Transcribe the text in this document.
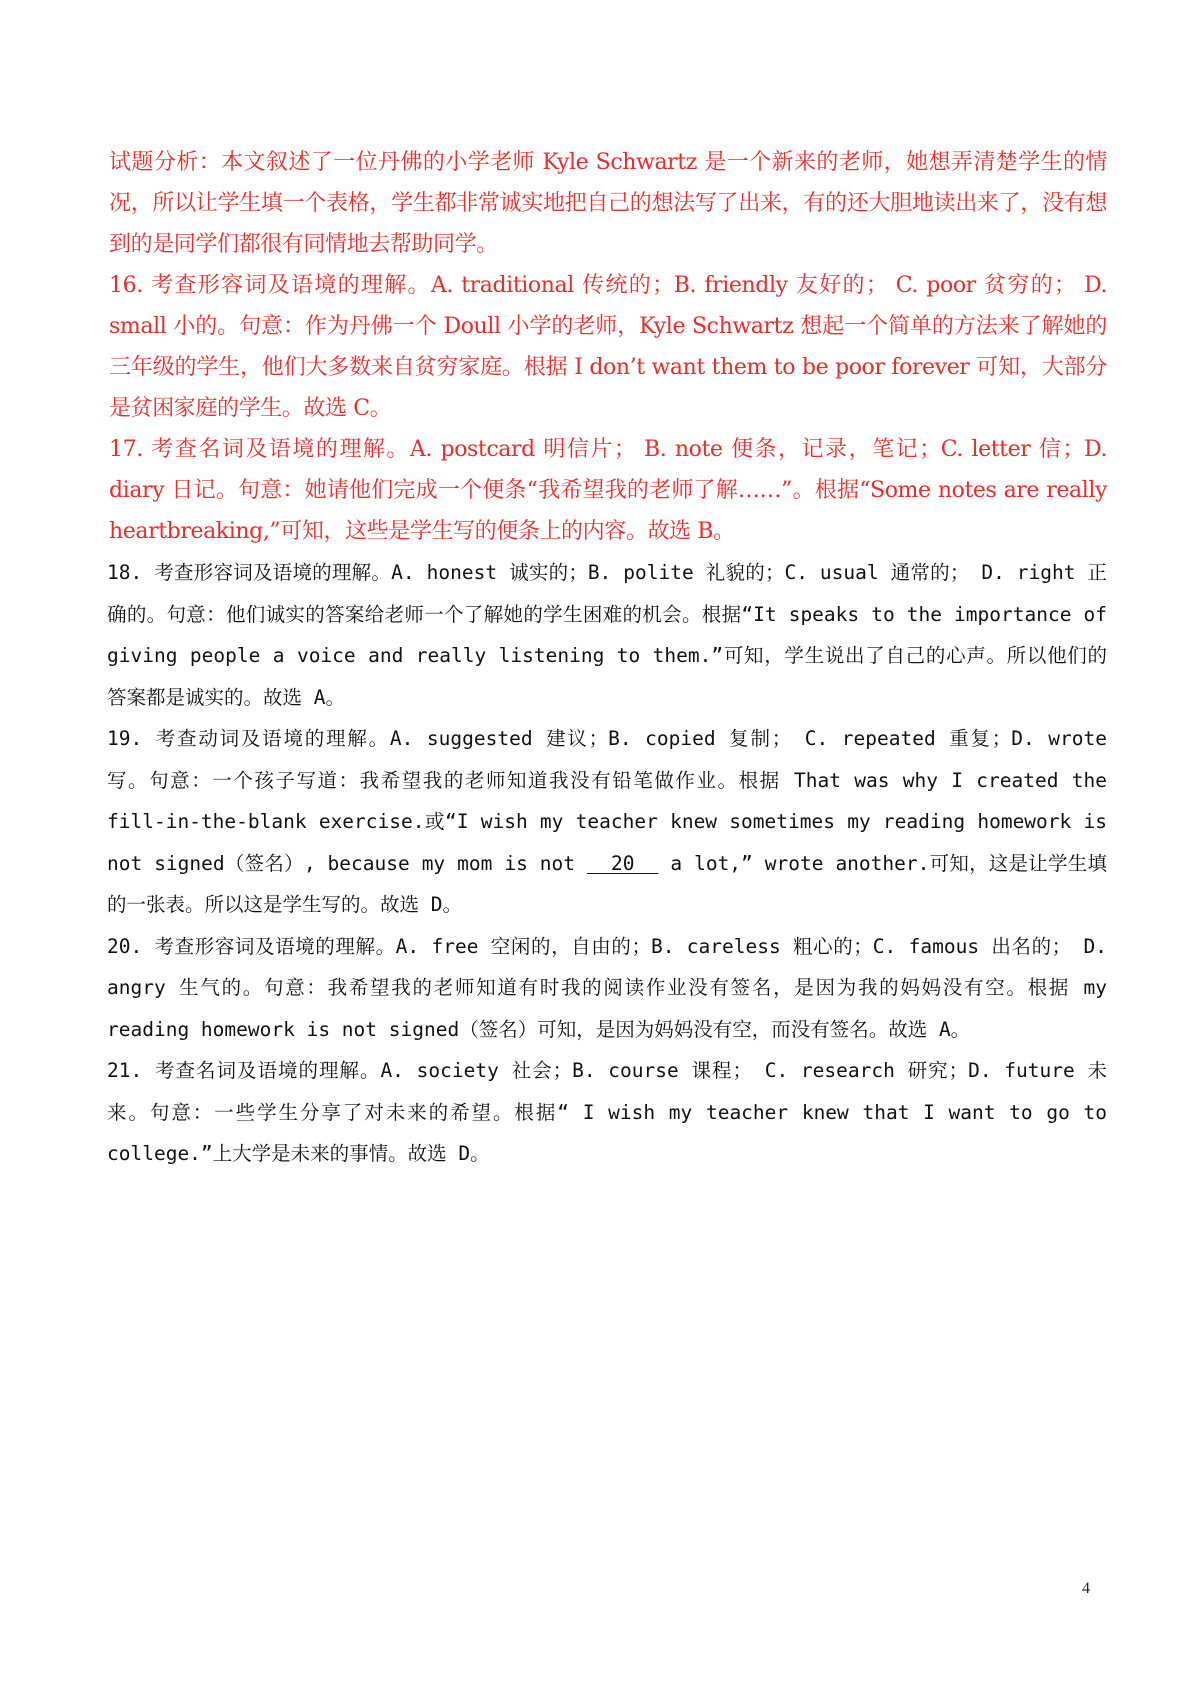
试题分析：本文叙述了一位丹佛的小学老师 Kyle Schwartz 是一个新来的老师，她想弄清楚学生的情况，所以让学生填一个表格，学生都非常诚实地把自己的想法写了出来，有的还大胆地读出来了，没有想到的是同学们都很有同情地去帮助同学。

16. 考查形容词及语境的理解。A. traditional 传统的；B. friendly 友好的； C. poor 贫穷的； D. small 小的。句意：作为丹佛一个 Doull 小学的老师，Kyle Schwartz 想起一个简单的方法来了解她的三年级的学生，他们大多数来自贫穷家庭。根据 I don’t want them to be poor forever 可知，大部分是贫困家庭的学生。故选 C。

17. 考查名词及语境的理解。A. postcard 明信片； B. note 便条，记录，笔记；C. letter 信；D. diary 日记。句意：她请他们完成一个便条“我希望我的老师了解……”。根据“Some notes are really heartbreaking,”可知，这些是学生写的便条上的内容。故选 B。

18. 考查形容词及语境的理解。A. honest 诚实的；B. polite 礼貌的；C. usual 通常的； D. right 正确的。句意：他们诚实的答案给老师一个了解她的学生困难的机会。根据“It speaks to the importance of giving people a voice and really listening to them.”可知，学生说出了自己的心声。所以他们的答案都是诚实的。故选 A。

19. 考查动词及语境的理解。A. suggested 建议；B. copied 复制； C. repeated 重复；D. wrote 写。句意：一个孩子写道：我希望我的老师知道我没有铅笔做作业。根据 That was why I created the fill-in-the-blank exercise.或“I wish my teacher knew sometimes my reading homework is not signed（签名）, because my mom is not   20   a lot,” wrote another.可知，这是让学生填的一张表。所以这是学生写的。故选 D。

20. 考查形容词及语境的理解。A. free 空闲的，自由的；B. careless 粗心的；C. famous 出名的； D. angry 生气的。句意：我希望我的老师知道有时我的阅读作业没有签名，是因为我的妈妈没有空。根据 my reading homework is not signed（签名）可知，是因为妈妈没有空，而没有签名。故选 A。

21. 考查名词及语境的理解。A. society 社会；B. course 课程； C. research 研究；D. future 未来。句意：一些学生分享了对未来的希望。根据“ I wish my teacher knew that I want to go to college.”上大学是未来的事情。故选 D。

4
